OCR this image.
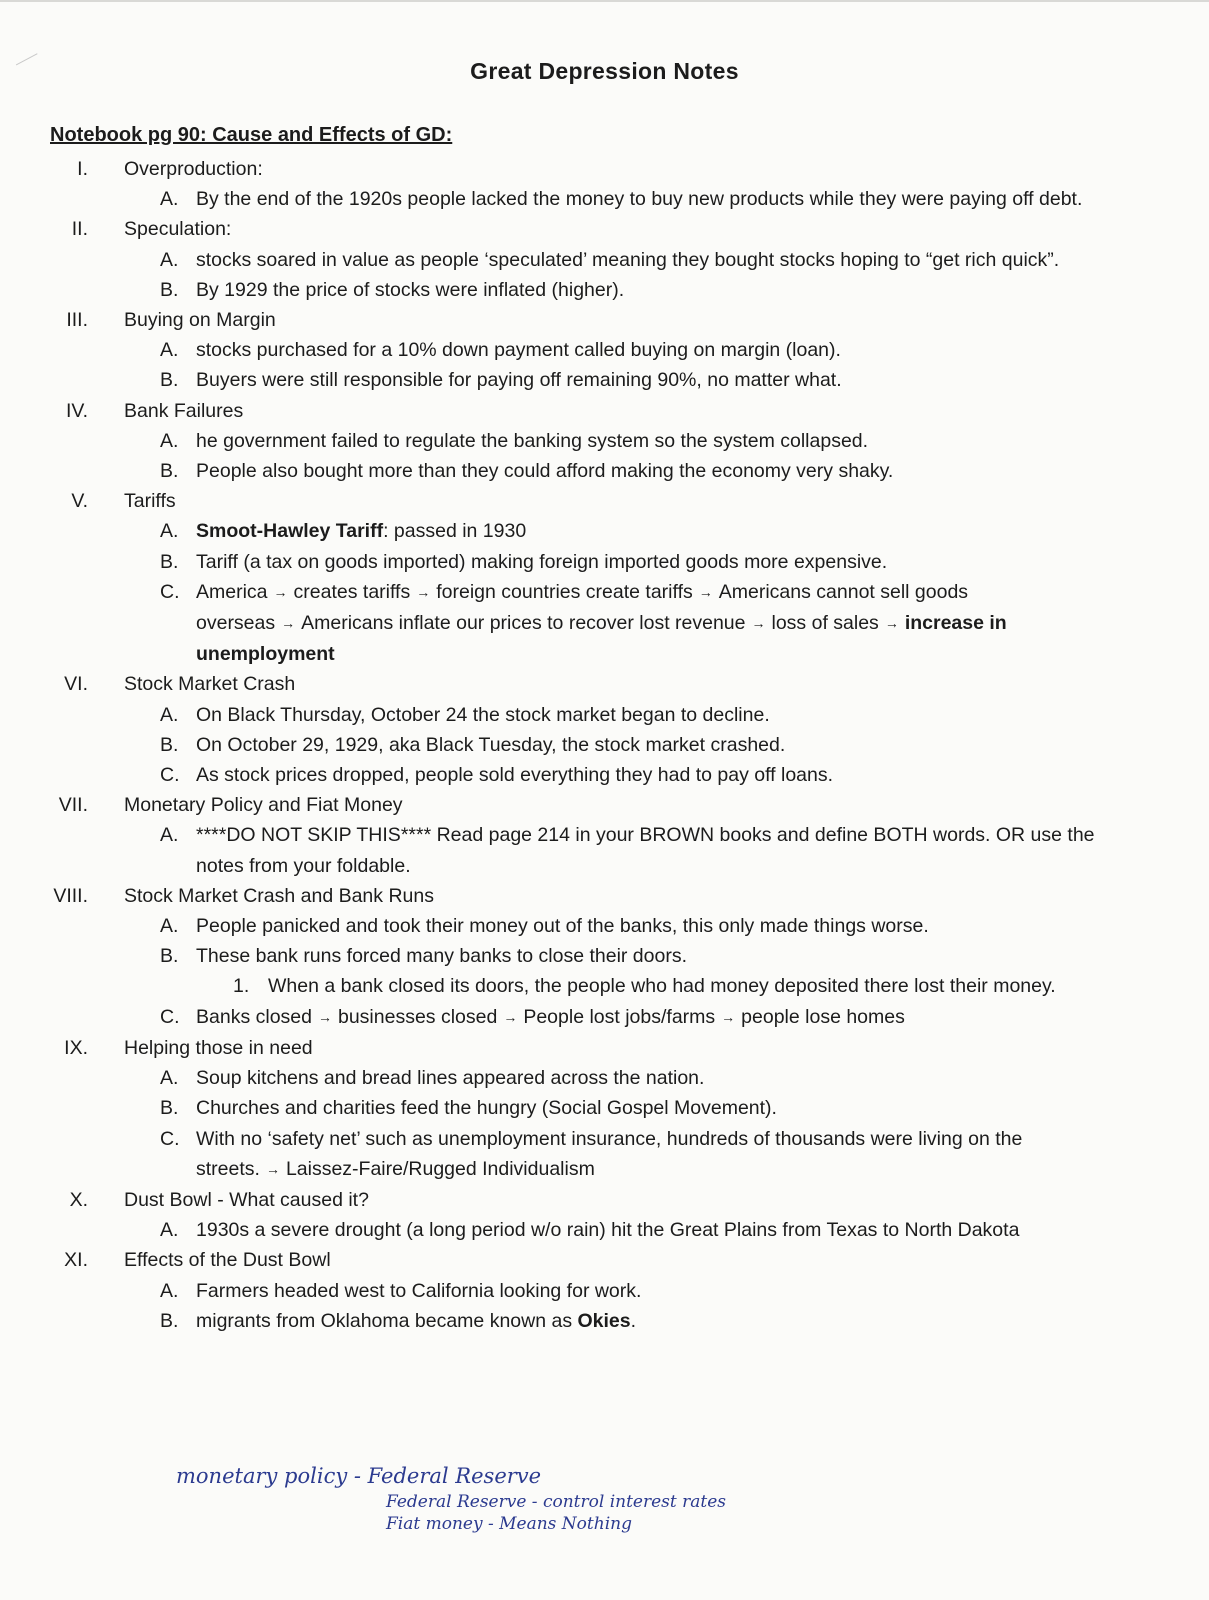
Great Depression Notes
Notebook pg 90: Cause and Effects of GD:
I. Overproduction:
A. By the end of the 1920s people lacked the money to buy new products while they were paying off debt.
II. Speculation:
A. stocks soared in value as people ‘speculated’ meaning they bought stocks hoping to “get rich quick”.
B. By 1929 the price of stocks were inflated (higher).
III. Buying on Margin
A. stocks purchased for a 10% down payment called buying on margin (loan).
B. Buyers were still responsible for paying off remaining 90%, no matter what.
IV. Bank Failures
A. he government failed to regulate the banking system so the system collapsed.
B. People also bought more than they could afford making the economy very shaky.
V. Tariffs
A. Smoot-Hawley Tariff: passed in 1930
B. Tariff (a tax on goods imported) making foreign imported goods more expensive.
C. America → creates tariffs → foreign countries create tariffs → Americans cannot sell goods overseas → Americans inflate our prices to recover lost revenue → loss of sales → increase in unemployment
VI. Stock Market Crash
A. On Black Thursday, October 24 the stock market began to decline.
B. On October 29, 1929, aka Black Tuesday, the stock market crashed.
C. As stock prices dropped, people sold everything they had to pay off loans.
VII. Monetary Policy and Fiat Money
A. ****DO NOT SKIP THIS**** Read page 214 in your BROWN books and define BOTH words. OR use the notes from your foldable.
VIII. Stock Market Crash and Bank Runs
A. People panicked and took their money out of the banks, this only made things worse.
B. These bank runs forced many banks to close their doors.
1. When a bank closed its doors, the people who had money deposited there lost their money.
C. Banks closed → businesses closed → People lost jobs/farms → people lose homes
IX. Helping those in need
A. Soup kitchens and bread lines appeared across the nation.
B. Churches and charities feed the hungry (Social Gospel Movement).
C. With no ‘safety net’ such as unemployment insurance, hundreds of thousands were living on the streets. → Laissez-Faire/Rugged Individualism
X. Dust Bowl - What caused it?
A. 1930s a severe drought (a long period w/o rain) hit the Great Plains from Texas to North Dakota
XI. Effects of the Dust Bowl
A. Farmers headed west to California looking for work.
B. migrants from Oklahoma became known as Okies.
monetary policy - Federal Reserve
Federal Reserve - control interest rates
Fiat money - Means Nothing
